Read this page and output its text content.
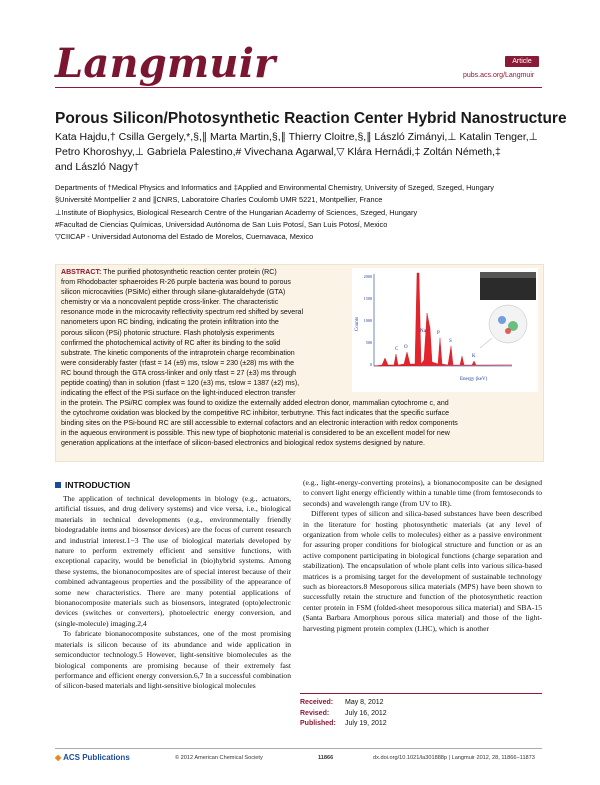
Langmuir	Article
pubs.acs.org/Langmuir
Porous Silicon/Photosynthetic Reaction Center Hybrid Nanostructure
Kata Hajdu,† Csilla Gergely,*,§,∥ Marta Martin,§,∥ Thierry Cloitre,§,∥ László Zimányi,⊥ Katalin Tenger,⊥
Petro Khoroshyy,⊥ Gabriela Palestino,# Vivechana Agarwal,▽ Klára Hernádi,‡ Zoltán Németh,‡
and László Nagy†
Departments of †Medical Physics and Informatics and ‡Applied and Environmental Chemistry, University of Szeged, Szeged, Hungary
§Université Montpellier 2 and ∥CNRS, Laboratoire Charles Coulomb UMR 5221, Montpellier, France
⊥Institute of Biophysics, Biological Research Centre of the Hungarian Academy of Sciences, Szeged, Hungary
#Facultad de Ciencias Químicas, Universidad Autónoma de San Luis Potosí, San Luis Potosí, Mexico
▽CIICAP - Universidad Autonoma del Estado de Morelos, Cuernavaca, Mexico
ABSTRACT: The purified photosynthetic reaction center protein (RC)
from Rhodobacter sphaeroides R-26 purple bacteria was bound to porous
silicon microcavities (PSiMc) either through silane-glutaraldehyde (GTA)
chemistry or via a noncovalent peptide cross-linker. The characteristic
resonance mode in the microcavity reflectivity spectrum red shifted by several
nanometers upon RC binding, indicating the protein infiltration into the
porous silicon (PSi) photonic structure. Flash photolysis experiments
confirmed the photochemical activity of RC after its binding to the solid
substrate. The kinetic components of the intraprotein charge recombination
were considerably faster (τfast = 14 (±9) ms, τslow = 230 (±28) ms with the
RC bound through the GTA cross-linker and only τfast = 27 (±3) ms through
peptide coating) than in solution (τfast = 120 (±3) ms, τslow = 1387 (±2) ms),
indicating the effect of the PSi surface on the light-induced electron transfer
in the protein. The PSi/RC complex was found to oxidize the externally added electron donor, mammalian cytochrome c, and
the cytochrome oxidation was blocked by the competitive RC inhibitor, terbutryne. This fact indicates that the specific surface
binding sites on the PSi-bound RC are still accessible to external cofactors and an electronic interaction with redox components
in the aqueous environment is possible. This new type of biophotonic material is considered to be an excellent model for new
generation applications at the interface of silicon-based electronics and biological redox systems designed by nature.
2000
1500
1000
500
0
Counts
C O
Na P
S
K
Energy (keV)
INTRODUCTION

The application of technical developments in biology (e.g., actuators, artificial tissues, and drug delivery systems) and vice versa, i.e., biological materials in technical developments (e.g., environmentally friendly biodegradable items and biosensor devices) are the focus of current research and industrial interest.1−3 The use of biological materials developed by nature to perform extremely efficient and sensitive functions, with exceptional capacity, would be beneficial in (bio)hybrid systems. Among these systems, the bionanocomposites are of special interest because of their combined advantageous properties and the possibility of the appearance of some new characteristics. There are many potential applications of bionanocomposite materials such as biosensors, integrated (opto)electronic devices (switches or converters), photoelectric energy conversion, and (single-molecule) imaging.2,4

To fabricate bionanocomposite substances, one of the most promising materials is silicon because of its abundance and wide application in semiconductor technology.5 However, light-sensitive biomolecules as the biological components are promising because of their extremely fast performance and efficient energy conversion.6,7 In a successful combination of silicon-based materials and light-sensitive biological molecules

(e.g., light-energy-converting proteins), a bionanocomposite can be designed to convert light energy efficiently within a tunable time (from femtoseconds to seconds) and wavelength range (from UV to IR).

Different types of silicon and silica-based substances have been described in the literature for hosting photosynthetic materials (at any level of organization from whole cells to molecules) either as a passive environment for assuring proper conditions for biological structure and function or as an active component participating in biological functions (charge separation and stabilization). The encapsulation of whole plant cells into various silica-based matrices is a promising target for the development of sustainable technology such as bioreactors.8 Mesoporous silica materials (MPS) have been shown to successfully retain the structure and function of the photosynthetic reaction center protein in FSM (folded-sheet mesoporous silica material) and SBA-15 (Santa Barbara Amorphous porous silica material) and those of the light-harvesting pigment protein complex (LHC), which is another

Received: May 8, 2012
Revised: July 16, 2012
Published: July 19, 2012
◆ ACS Publications	© 2012 American Chemical Society	11866	dx.doi.org/10.1021/la301888p | Langmuir 2012, 28, 11866−11873
